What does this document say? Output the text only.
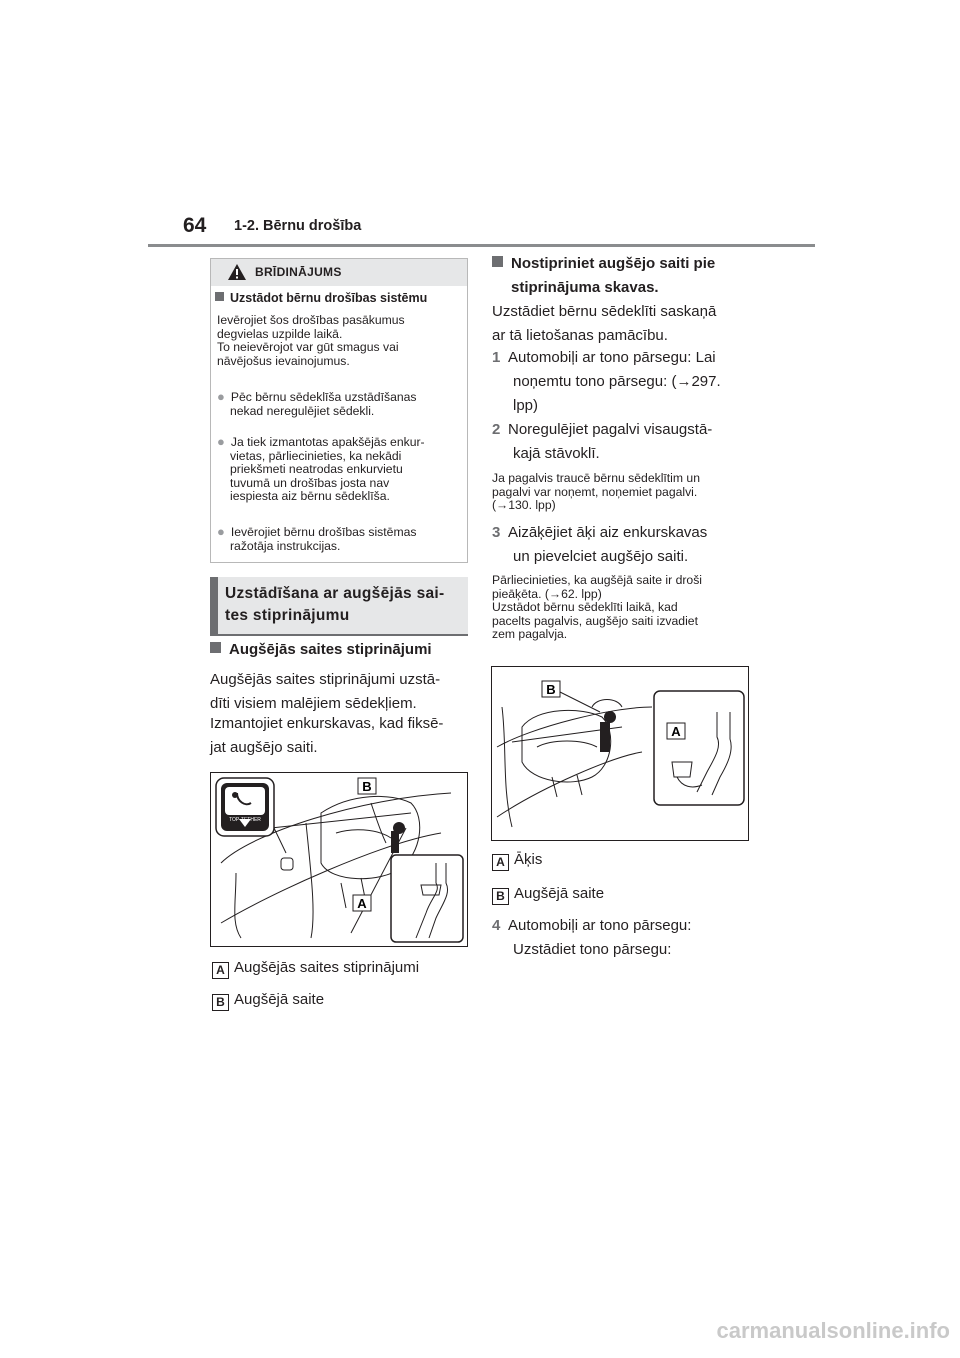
64 1-2. Bērnu drošība
BRĪDINĀJUMS
Uzstādot bērnu drošības sistēmu
Ievērojiet šos drošības pasākumus
degvielas uzpilde laikā.
To neievērojot var gūt smagus vai
nāvējošus ievainojumus.
● Pēc bērnu sēdeklīša uzstādīšanas
nekad neregulējiet sēdekli.
● Ja tiek izmantotas apakšējās enkur-
vietas, pārliecinieties, ka nekādi
priekšmeti neatrodas enkurvietu
tuvumā un drošības josta nav
iespiesta aiz bērnu sēdeklīša.
● Ievērojiet bērnu drošības sistēmas
ražotāja instrukcijas.
Uzstādīšana ar augšējās sai-
tes stiprinājumu
Augšējās saites stiprinājumi
Augšējās saites stiprinājumi uzstā-
dīti visiem malējiem sēdekļiem.
Izmantojiet enkurskavas, kad fiksē-
jat augšējo saiti.
TOP-TETHER
B
A
A Augšējās saites stiprinājumi
B Augšējā saite
Nostipriniet augšējo saiti pie
stiprinājuma skavas.
Uzstādiet bērnu sēdeklīti saskaņā
ar tā lietošanas pamācību.
1 Automobiļi ar tono pārsegu: Lai
noņemtu tono pārsegu: (→297.
lpp)
2 Noregulējiet pagalvi visaugstā-
kajā stāvoklī.
Ja pagalvis traucē bērnu sēdeklītim un
pagalvi var noņemt, noņemiet pagalvi.
(→130. lpp)
3 Aizāķējiet āķi aiz enkurskavas
un pievelciet augšējo saiti.
Pārliecinieties, ka augšējā saite ir droši
pieāķēta. (→62. lpp)
Uzstādot bērnu sēdeklīti laikā, kad
pacelts pagalvis, augšējo saiti izvadiet
zem pagalvja.
B
A
A Āķis
B Augšējā saite
4 Automobiļi ar tono pārsegu:
Uzstādiet tono pārsegu:
carmanualsonline.info
